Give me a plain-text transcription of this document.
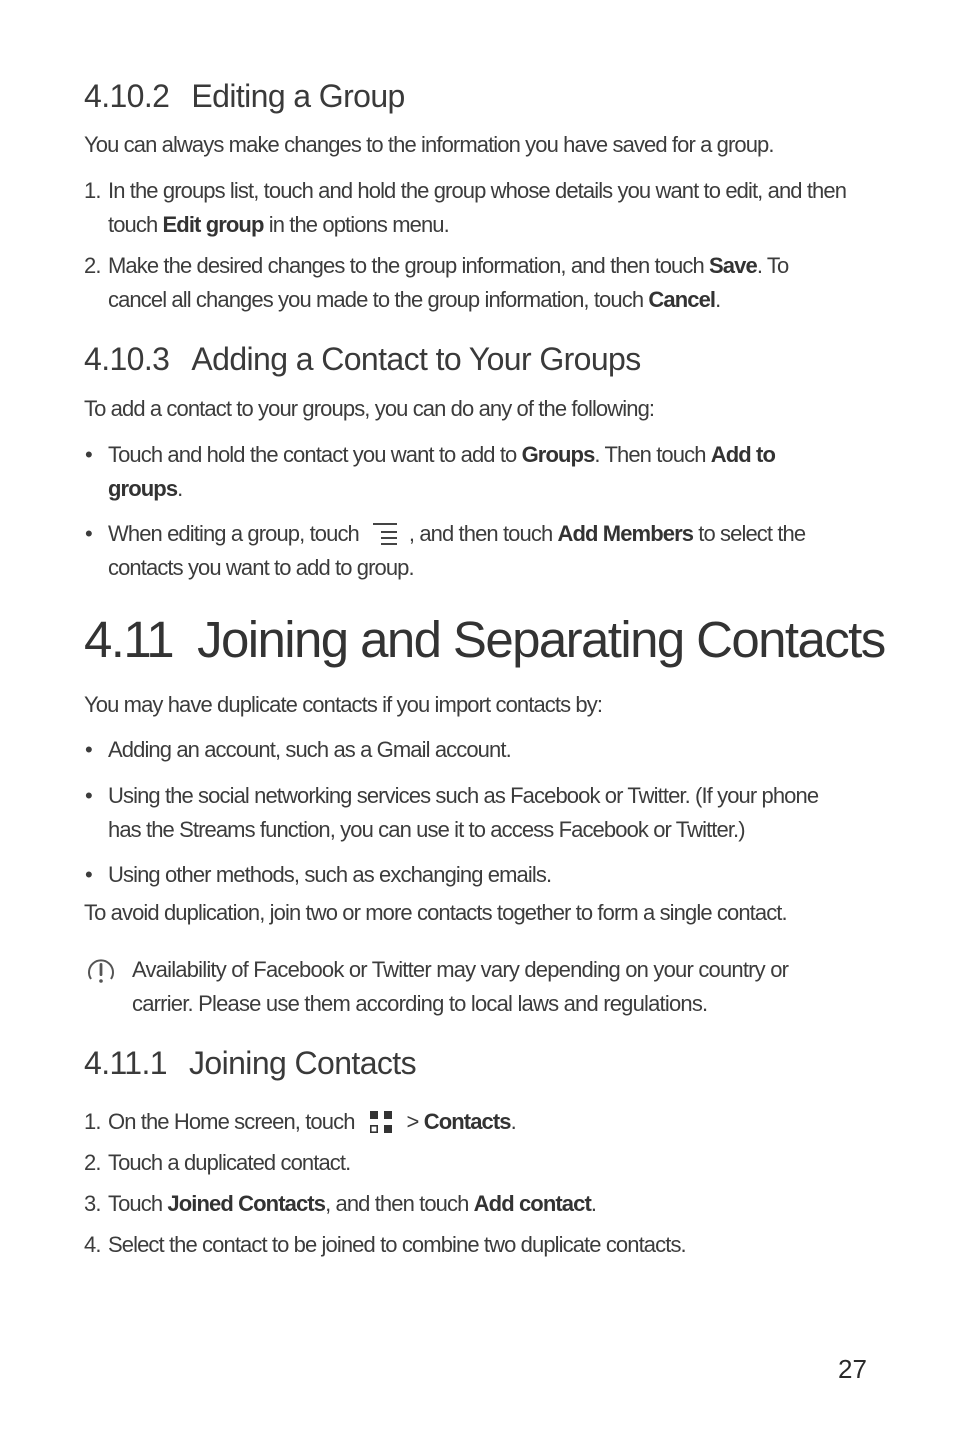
4.10.2 Editing a Group

You can always make changes to the information you have saved for a group.

1. In the groups list, touch and hold the group whose details you want to edit, and then
touch Edit group in the options menu.
2. Make the desired changes to the group information, and then touch Save. To
cancel all changes you made to the group information, touch Cancel.
4.10.3 Adding a Contact to Your Groups

To add a contact to your groups, you can do any of the following:

• Touch and hold the contact you want to add to Groups. Then touch Add to
groups.
• When editing a group, touch , and then touch Add Members to select the
contacts you want to add to group.
4.11 Joining and Separating Contacts

You may have duplicate contacts if you import contacts by:

• Adding an account, such as a Gmail account.
• Using the social networking services such as Facebook or Twitter. (If your phone
has the Streams function, you can use it to access Facebook or Twitter.)
• Using other methods, such as exchanging emails.

To avoid duplication, join two or more contacts together to form a single contact.

Availability of Facebook or Twitter may vary depending on your country or
carrier. Please use them according to local laws and regulations.
4.11.1 Joining Contacts
1. On the Home screen, touch > Contacts.
2. Touch a duplicated contact.
3. Touch Joined Contacts, and then touch Add contact.
4. Select the contact to be joined to combine two duplicate contacts.
27
